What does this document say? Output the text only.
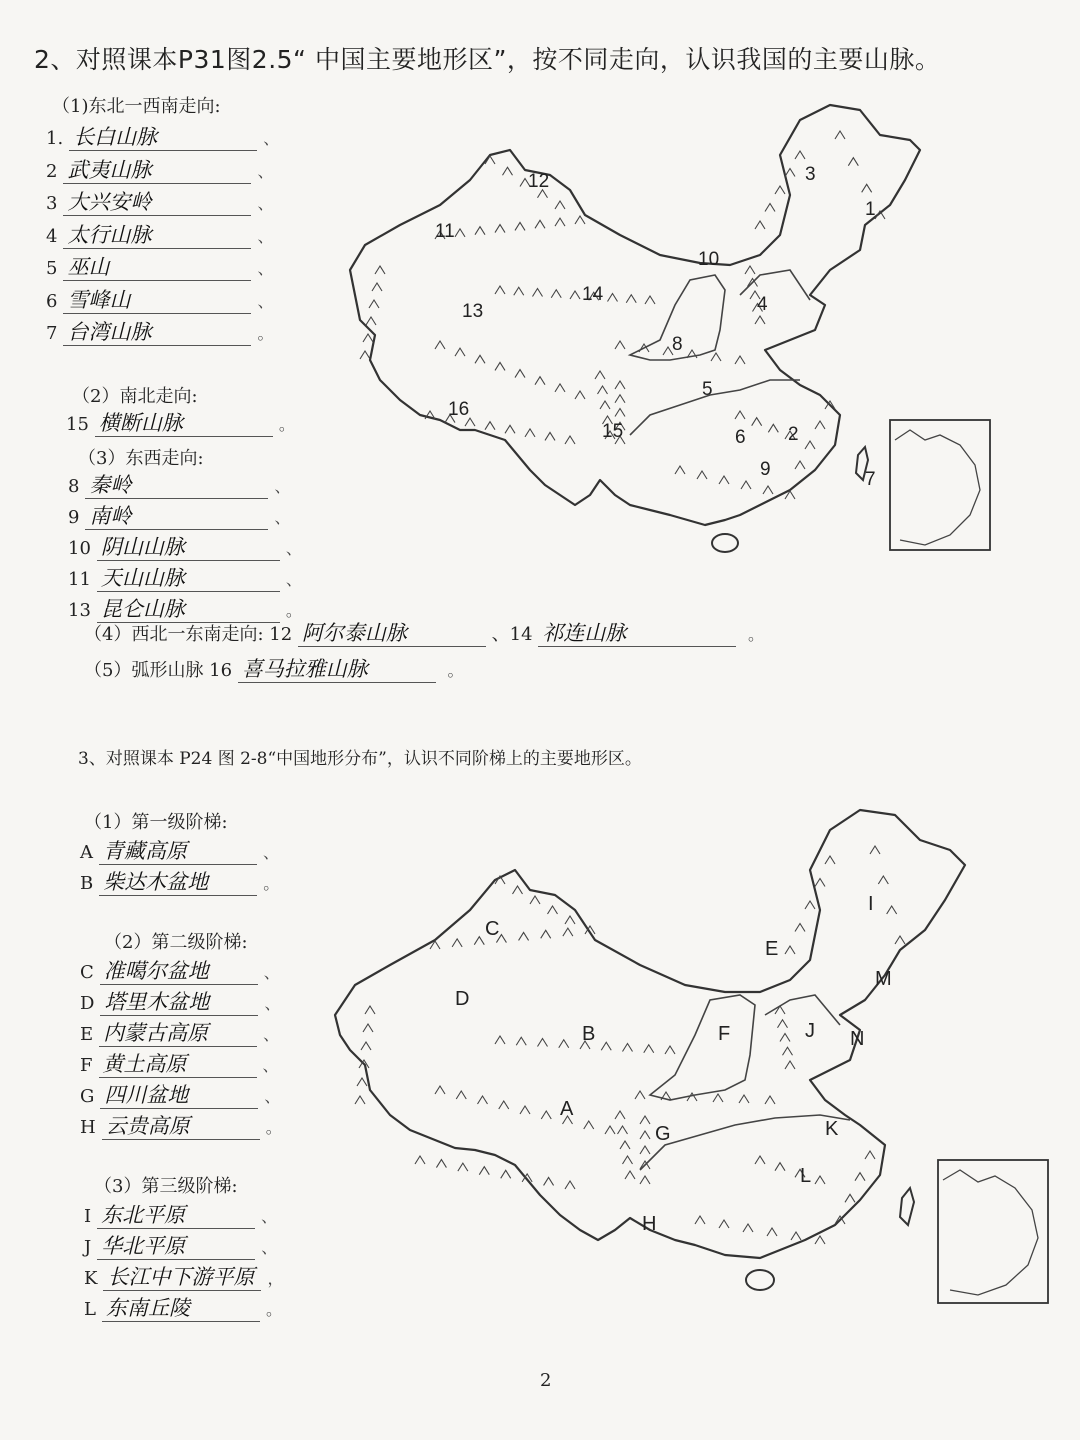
2、对照课本P31图2.5“ 中国主要地形区”，按不同走向，认识我国的主要山脉。
（1)东北一西南走向:
1. 长白山脉	、
2 武夷山脉	、
3 大兴安岭	、
4 太行山脉	、
5 巫山	、
6 雪峰山	、
7 台湾山脉	。
（2）南北走向:
15 横断山脉	。
（3）东西走向:
8 秦岭	、
9 南岭	、
10 阴山山脉	、
11 天山山脉	、
13 昆仑山脉	。
（4）西北一东南走向: 12 阿尔泰山脉	、14 祁连山脉	。
（5）弧形山脉 16 喜马拉雅山脉	。
1
2
3
4
5
6
7
8
9
10
11
12
13
14
15
16
3、对照课本 P24 图 2-8“中国地形分布”，认识不同阶梯上的主要地形区。
（1）第一级阶梯:
A 青藏高原	、
B 柴达木盆地	。
（2）第二级阶梯:
C 准噶尔盆地	、
D 塔里木盆地	、
E 内蒙古高原	、
F 黄土高原	、
G 四川盆地	、
H 云贵高原	。
（3）第三级阶梯:
I 东北平原	、
J 华北平原	、
K 长江中下游平原 ，
L 东南丘陵	。
A
B
C
D
E
F
G
H
I
J
K
L
M
N
2
